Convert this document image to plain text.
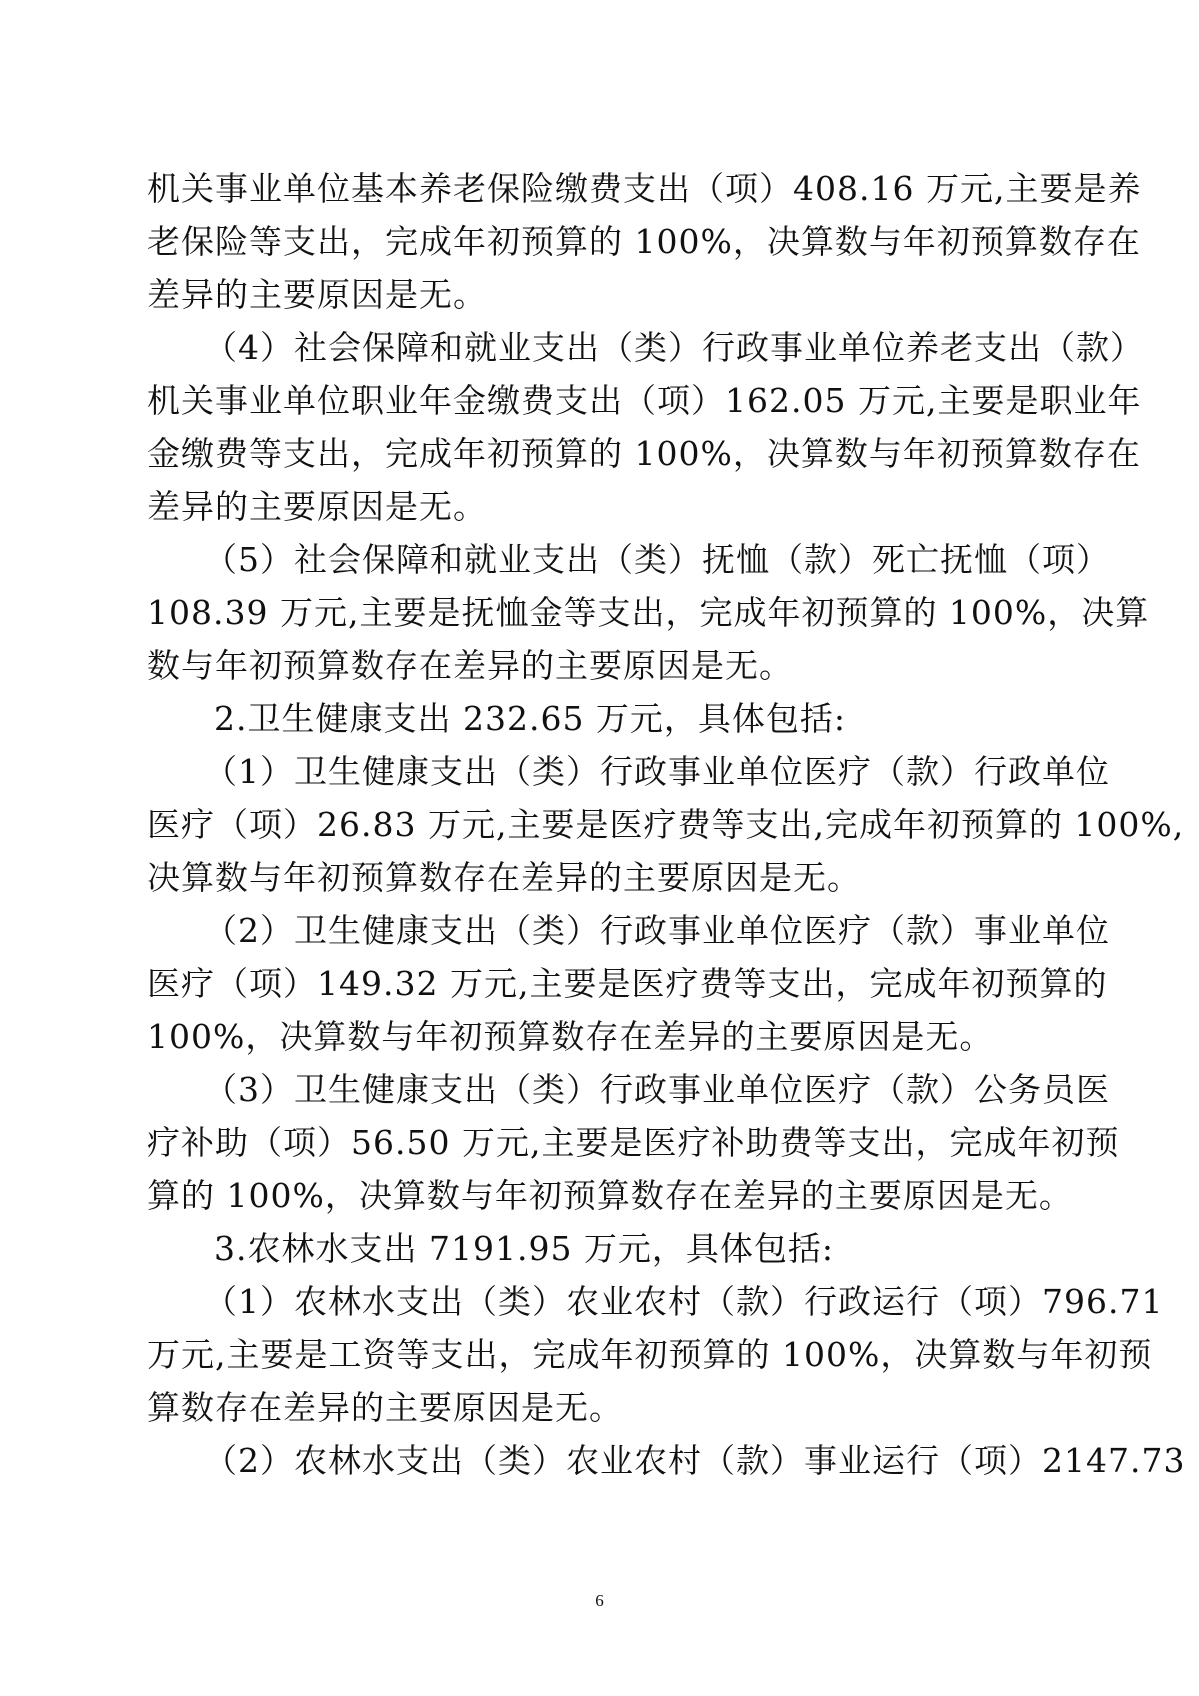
机关事业单位基本养老保险缴费支出（项）408.16 万元,主要是养
老保险等支出，完成年初预算的 100%，决算数与年初预算数存在
差异的主要原因是无。
（4）社会保障和就业支出（类）行政事业单位养老支出（款）
机关事业单位职业年金缴费支出（项）162.05 万元,主要是职业年
金缴费等支出，完成年初预算的 100%，决算数与年初预算数存在
差异的主要原因是无。
（5）社会保障和就业支出（类）抚恤（款）死亡抚恤（项）
108.39 万元,主要是抚恤金等支出，完成年初预算的 100%，决算
数与年初预算数存在差异的主要原因是无。
2.卫生健康支出 232.65 万元，具体包括:
（1）卫生健康支出（类）行政事业单位医疗（款）行政单位
医疗（项）26.83 万元,主要是医疗费等支出,完成年初预算的 100%,
决算数与年初预算数存在差异的主要原因是无。
（2）卫生健康支出（类）行政事业单位医疗（款）事业单位
医疗（项）149.32 万元,主要是医疗费等支出，完成年初预算的
100%，决算数与年初预算数存在差异的主要原因是无。
（3）卫生健康支出（类）行政事业单位医疗（款）公务员医
疗补助（项）56.50 万元,主要是医疗补助费等支出，完成年初预
算的 100%，决算数与年初预算数存在差异的主要原因是无。
3.农林水支出 7191.95 万元，具体包括:
（1）农林水支出（类）农业农村（款）行政运行（项）796.71
万元,主要是工资等支出，完成年初预算的 100%，决算数与年初预
算数存在差异的主要原因是无。
（2）农林水支出（类）农业农村（款）事业运行（项）2147.73
6
